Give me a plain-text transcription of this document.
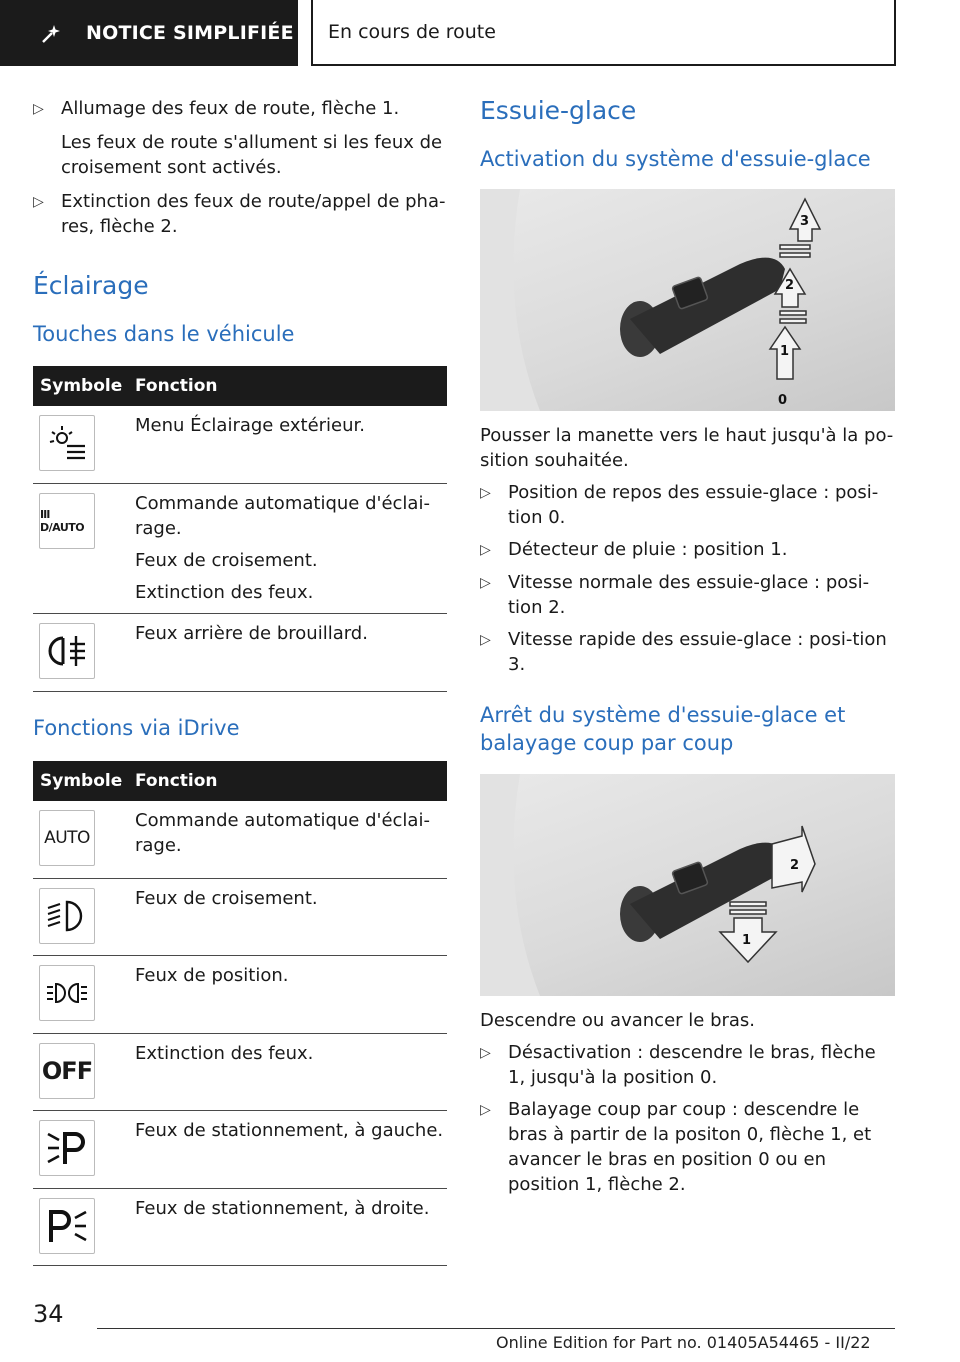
NOTICE SIMPLIFIÉE	En cours de route
▷ Allumage des feux de route, flèche 1.

Les feux de route s'allument si les feux de croisement sont activés.

▷ Extinction des feux de route/appel de pha-res, flèche 2.

Éclairage
Touches dans le véhicule
Symbole Fonction

Menu Éclairage extérieur.

Ⅲ D/AUTO

Commande automatique d'éclai-rage.

Feux de croisement.

Extinction des feux.

Feux arrière de brouillard.

Fonctions via iDrive
Symbole Fonction
AUTO

Commande automatique d'éclai-rage.

Feux de croisement.

Feux de position.

OFF

Extinction des feux.

Feux de stationnement, à gauche.

Feux de stationnement, à droite.

Essuie-glace
Activation du système d'essuie-glace
3
2
1
0

Pousser la manette vers le haut jusqu'à la po-sition souhaitée.

▷ Position de repos des essuie-glace : posi-tion 0.

▷ Détecteur de pluie : position 1.

▷ Vitesse normale des essuie-glace : posi-tion 2.

▷ Vitesse rapide des essuie-glace : posi-tion 3.

Arrêt du système d'essuie-glace et balayage coup par coup
2
1

Descendre ou avancer le bras.

▷ Désactivation : descendre le bras, flèche 1, jusqu'à la position 0.

▷ Balayage coup par coup : descendre le bras à partir de la positon 0, flèche 1, et avancer le bras en position 0 ou en position 1, flèche 2.

34
Online Edition for Part no. 01405A54465 - II/22
